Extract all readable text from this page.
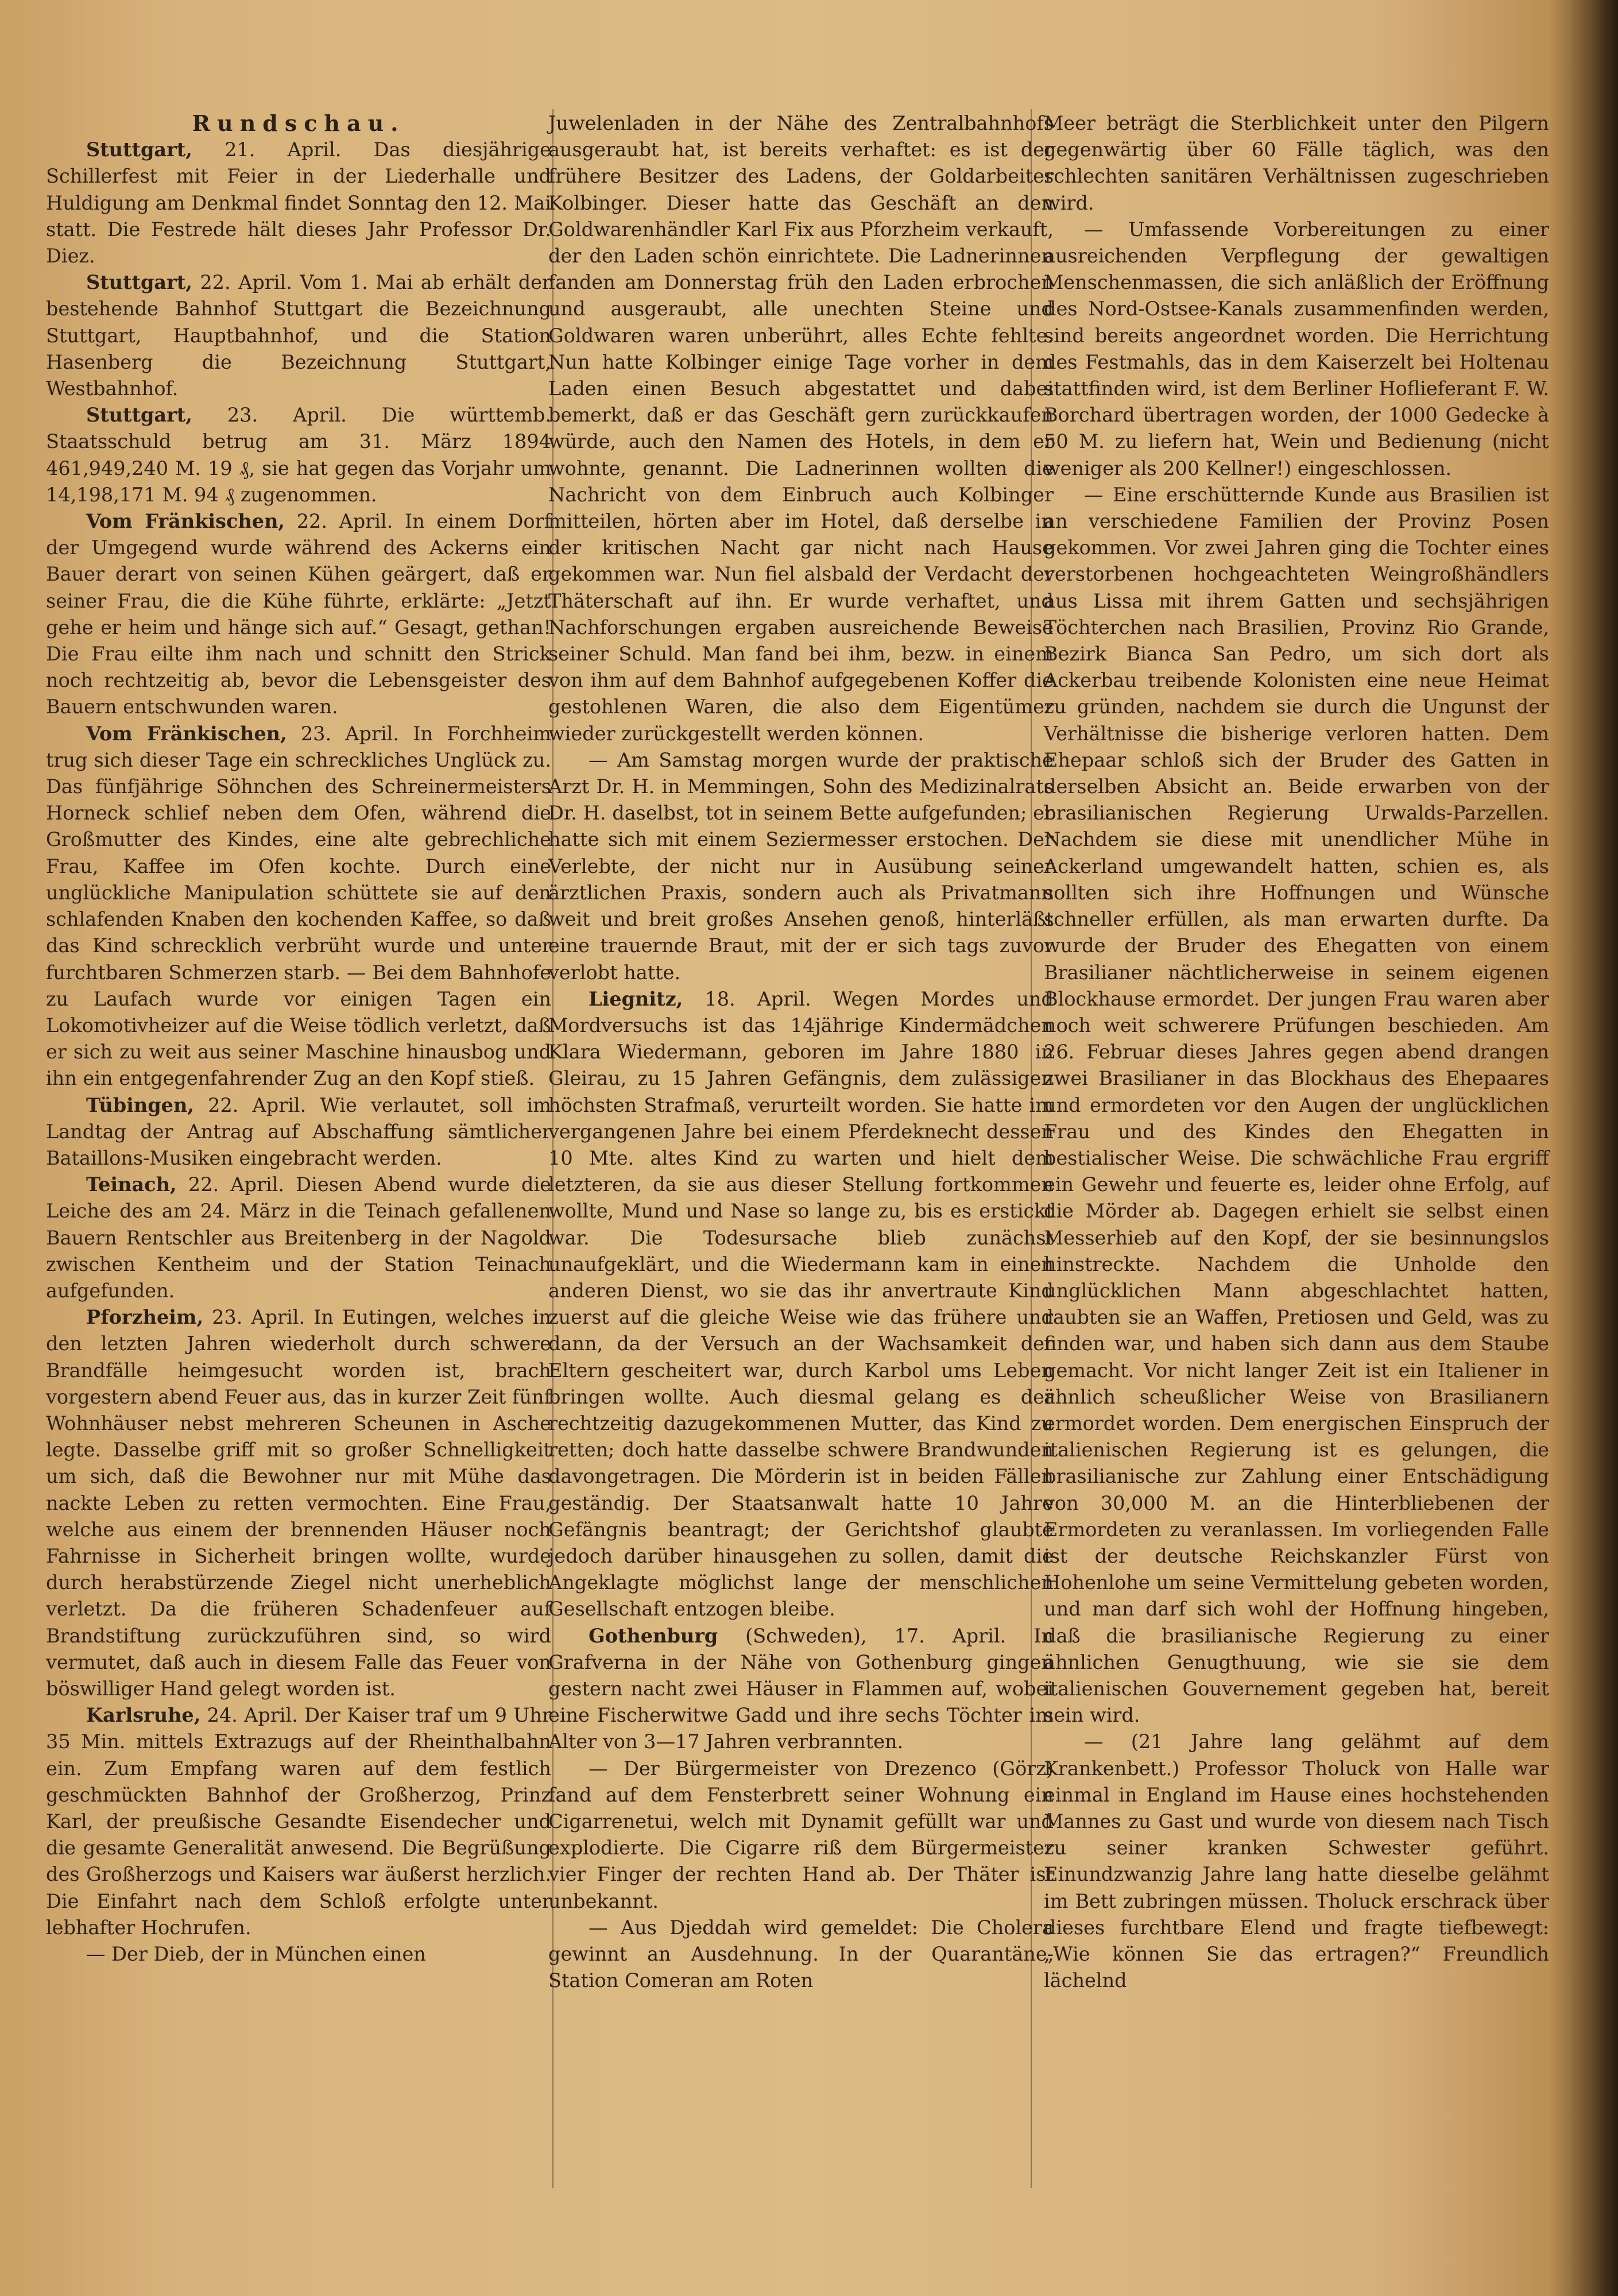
Rundschau.

Stuttgart, 21. April. Das diesjährige Schillerfest mit Feier in der Liederhalle und Huldigung am Denkmal findet Sonntag den 12. Mai statt. Die Festrede hält dieses Jahr Professor Dr. Diez.

Stuttgart, 22. April. Vom 1. Mai ab erhält der bestehende Bahnhof Stuttgart die Bezeichnung Stuttgart, Hauptbahnhof, und die Station Hasenberg die Bezeichnung Stuttgart, Westbahnhof.

Stuttgart, 23. April. Die württemb. Staatsschuld betrug am 31. März 1894 461,949,240 M. 19 ₰, sie hat gegen das Vorjahr um 14,198,171 M. 94 ₰ zugenommen.

Vom Fränkischen, 22. April. In einem Dorf der Umgegend wurde während des Ackerns ein Bauer derart von seinen Kühen geärgert, daß er seiner Frau, die die Kühe führte, erklärte: „Jetzt gehe er heim und hänge sich auf.“ Gesagt, gethan! Die Frau eilte ihm nach und schnitt den Strick noch rechtzeitig ab, bevor die Lebensgeister des Bauern entschwunden waren.

Vom Fränkischen, 23. April. In Forchheim trug sich dieser Tage ein schreckliches Unglück zu. Das fünfjährige Söhnchen des Schreinermeisters Horneck schlief neben dem Ofen, während die Großmutter des Kindes, eine alte gebrechliche Frau, Kaffee im Ofen kochte. Durch eine unglückliche Manipulation schüttete sie auf den schlafenden Knaben den kochenden Kaffee, so daß das Kind schrecklich verbrüht wurde und unter furchtbaren Schmerzen starb. — Bei dem Bahnhofe zu Laufach wurde vor einigen Tagen ein Lokomotivheizer auf die Weise tödlich verletzt, daß er sich zu weit aus seiner Maschine hinausbog und ihn ein entgegenfahrender Zug an den Kopf stieß.

Tübingen, 22. April. Wie verlautet, soll im Landtag der Antrag auf Abschaffung sämtlicher Bataillons-Musiken eingebracht werden.

Teinach, 22. April. Diesen Abend wurde die Leiche des am 24. März in die Teinach gefallenen Bauern Rentschler aus Breitenberg in der Nagold zwischen Kentheim und der Station Teinach aufgefunden.

Pforzheim, 23. April. In Eutingen, welches in den letzten Jahren wiederholt durch schwere Brandfälle heimgesucht worden ist, brach vorgestern abend Feuer aus, das in kurzer Zeit fünf Wohnhäuser nebst mehreren Scheunen in Asche legte. Dasselbe griff mit so großer Schnelligkeit um sich, daß die Bewohner nur mit Mühe das nackte Leben zu retten vermochten. Eine Frau, welche aus einem der brennenden Häuser noch Fahrnisse in Sicherheit bringen wollte, wurde durch herabstürzende Ziegel nicht unerheblich verletzt. Da die früheren Schadenfeuer auf Brandstiftung zurückzuführen sind, so wird vermutet, daß auch in diesem Falle das Feuer von böswilliger Hand gelegt worden ist.

Karlsruhe, 24. April. Der Kaiser traf um 9 Uhr 35 Min. mittels Extrazugs auf der Rheinthalbahn ein. Zum Empfang waren auf dem festlich geschmückten Bahnhof der Großherzog, Prinz Karl, der preußische Gesandte Eisendecher und die gesamte Generalität anwesend. Die Begrüßung des Großherzogs und Kaisers war äußerst herzlich. Die Einfahrt nach dem Schloß erfolgte unter lebhafter Hochrufen.

— Der Dieb, der in München einen

Juwelenladen in der Nähe des Zentralbahnhofs ausgeraubt hat, ist bereits verhaftet: es ist der frühere Besitzer des Ladens, der Goldarbeiter Kolbinger. Dieser hatte das Geschäft an den Goldwarenhändler Karl Fix aus Pforzheim verkauft, der den Laden schön einrichtete. Die Ladnerinnen fanden am Donnerstag früh den Laden erbrochen und ausgeraubt, alle unechten Steine und Goldwaren waren unberührt, alles Echte fehlte. Nun hatte Kolbinger einige Tage vorher in dem Laden einen Besuch abgestattet und dabei bemerkt, daß er das Geschäft gern zurückkaufen würde, auch den Namen des Hotels, in dem er wohnte, genannt. Die Ladnerinnen wollten die Nachricht von dem Einbruch auch Kolbinger mitteilen, hörten aber im Hotel, daß derselbe in der kritischen Nacht gar nicht nach Hause gekommen war. Nun fiel alsbald der Verdacht der Thäterschaft auf ihn. Er wurde verhaftet, und Nachforschungen ergaben ausreichende Beweise seiner Schuld. Man fand bei ihm, bezw. in einem von ihm auf dem Bahnhof aufgegebenen Koffer die gestohlenen Waren, die also dem Eigentümer wieder zurückgestellt werden können.

— Am Samstag morgen wurde der praktische Arzt Dr. H. in Memmingen, Sohn des Medizinalrats Dr. H. daselbst, tot in seinem Bette aufgefunden; er hatte sich mit einem Seziermesser erstochen. Der Verlebte, der nicht nur in Ausübung seiner ärztlichen Praxis, sondern auch als Privatmann weit und breit großes Ansehen genoß, hinterläßt eine trauernde Braut, mit der er sich tags zuvor verlobt hatte.

Liegnitz, 18. April. Wegen Mordes und Mordversuchs ist das 14jährige Kindermädchen Klara Wiedermann, geboren im Jahre 1880 in Gleirau, zu 15 Jahren Gefängnis, dem zulässigen höchsten Strafmaß, verurteilt worden. Sie hatte im vergangenen Jahre bei einem Pferdeknecht dessen 10 Mte. altes Kind zu warten und hielt dem letzteren, da sie aus dieser Stellung fortkommen wollte, Mund und Nase so lange zu, bis es erstickt war. Die Todesursache blieb zunächst unaufgeklärt, und die Wiedermann kam in einen anderen Dienst, wo sie das ihr anvertraute Kind zuerst auf die gleiche Weise wie das frühere und dann, da der Versuch an der Wachsamkeit der Eltern gescheitert war, durch Karbol ums Leben bringen wollte. Auch diesmal gelang es der rechtzeitig dazugekommenen Mutter, das Kind zu retten; doch hatte dasselbe schwere Brandwunden davongetragen. Die Mörderin ist in beiden Fällen geständig. Der Staatsanwalt hatte 10 Jahre Gefängnis beantragt; der Gerichtshof glaubte jedoch darüber hinausgehen zu sollen, damit die Angeklagte möglichst lange der menschlichen Gesellschaft entzogen bleibe.

Gothenburg (Schweden), 17. April. In Grafverna in der Nähe von Gothenburg gingen gestern nacht zwei Häuser in Flammen auf, wobei eine Fischerwitwe Gadd und ihre sechs Töchter im Alter von 3—17 Jahren verbrannten.

— Der Bürgermeister von Drezenco (Görz) fand auf dem Fensterbrett seiner Wohnung ein Cigarrenetui, welch mit Dynamit gefüllt war und explodierte. Die Cigarre riß dem Bürgermeister vier Finger der rechten Hand ab. Der Thäter ist unbekannt.

— Aus Djeddah wird gemeldet: Die Cholera gewinnt an Ausdehnung. In der Quarantäne-Station Comeran am Roten

Meer beträgt die Sterblichkeit unter den Pilgern gegenwärtig über 60 Fälle täglich, was den schlechten sanitären Verhältnissen zugeschrieben wird.

— Umfassende Vorbereitungen zu einer ausreichenden Verpflegung der gewaltigen Menschenmassen, die sich anläßlich der Eröffnung des Nord-Ostsee-Kanals zusammenfinden werden, sind bereits angeordnet worden. Die Herrichtung des Festmahls, das in dem Kaiserzelt bei Holtenau stattfinden wird, ist dem Berliner Hoflieferant F. W. Borchard übertragen worden, der 1000 Gedecke à 50 M. zu liefern hat, Wein und Bedienung (nicht weniger als 200 Kellner!) eingeschlossen.

— Eine erschütternde Kunde aus Brasilien ist an verschiedene Familien der Provinz Posen gekommen. Vor zwei Jahren ging die Tochter eines verstorbenen hochgeachteten Weingroßhändlers aus Lissa mit ihrem Gatten und sechsjährigen Töchterchen nach Brasilien, Provinz Rio Grande, Bezirk Bianca San Pedro, um sich dort als Ackerbau treibende Kolonisten eine neue Heimat zu gründen, nachdem sie durch die Ungunst der Verhältnisse die bisherige verloren hatten. Dem Ehepaar schloß sich der Bruder des Gatten in derselben Absicht an. Beide erwarben von der brasilianischen Regierung Urwalds-Parzellen. Nachdem sie diese mit unendlicher Mühe in Ackerland umgewandelt hatten, schien es, als sollten sich ihre Hoffnungen und Wünsche schneller erfüllen, als man erwarten durfte. Da wurde der Bruder des Ehegatten von einem Brasilianer nächtlicherweise in seinem eigenen Blockhause ermordet. Der jungen Frau waren aber noch weit schwerere Prüfungen beschieden. Am 26. Februar dieses Jahres gegen abend drangen zwei Brasilianer in das Blockhaus des Ehepaares und ermordeten vor den Augen der unglücklichen Frau und des Kindes den Ehegatten in bestialischer Weise. Die schwächliche Frau ergriff ein Gewehr und feuerte es, leider ohne Erfolg, auf die Mörder ab. Dagegen erhielt sie selbst einen Messerhieb auf den Kopf, der sie besinnungslos hinstreckte. Nachdem die Unholde den unglücklichen Mann abgeschlachtet hatten, raubten sie an Waffen, Pretiosen und Geld, was zu finden war, und haben sich dann aus dem Staube gemacht. Vor nicht langer Zeit ist ein Italiener in ähnlich scheußlicher Weise von Brasilianern ermordet worden. Dem energischen Einspruch der italienischen Regierung ist es gelungen, die brasilianische zur Zahlung einer Entschädigung von 30,000 M. an die Hinterbliebenen der Ermordeten zu veranlassen. Im vorliegenden Falle ist der deutsche Reichskanzler Fürst von Hohenlohe um seine Vermittelung gebeten worden, und man darf sich wohl der Hoffnung hingeben, daß die brasilianische Regierung zu einer ähnlichen Genugthuung, wie sie sie dem italienischen Gouvernement gegeben hat, bereit sein wird.

— (21 Jahre lang gelähmt auf dem Krankenbett.) Professor Tholuck von Halle war einmal in England im Hause eines hochstehenden Mannes zu Gast und wurde von diesem nach Tisch zu seiner kranken Schwester geführt. Einundzwanzig Jahre lang hatte dieselbe gelähmt im Bett zubringen müssen. Tholuck erschrack über dieses furchtbare Elend und fragte tiefbewegt: „Wie können Sie das ertragen?“ Freundlich lächelnd
